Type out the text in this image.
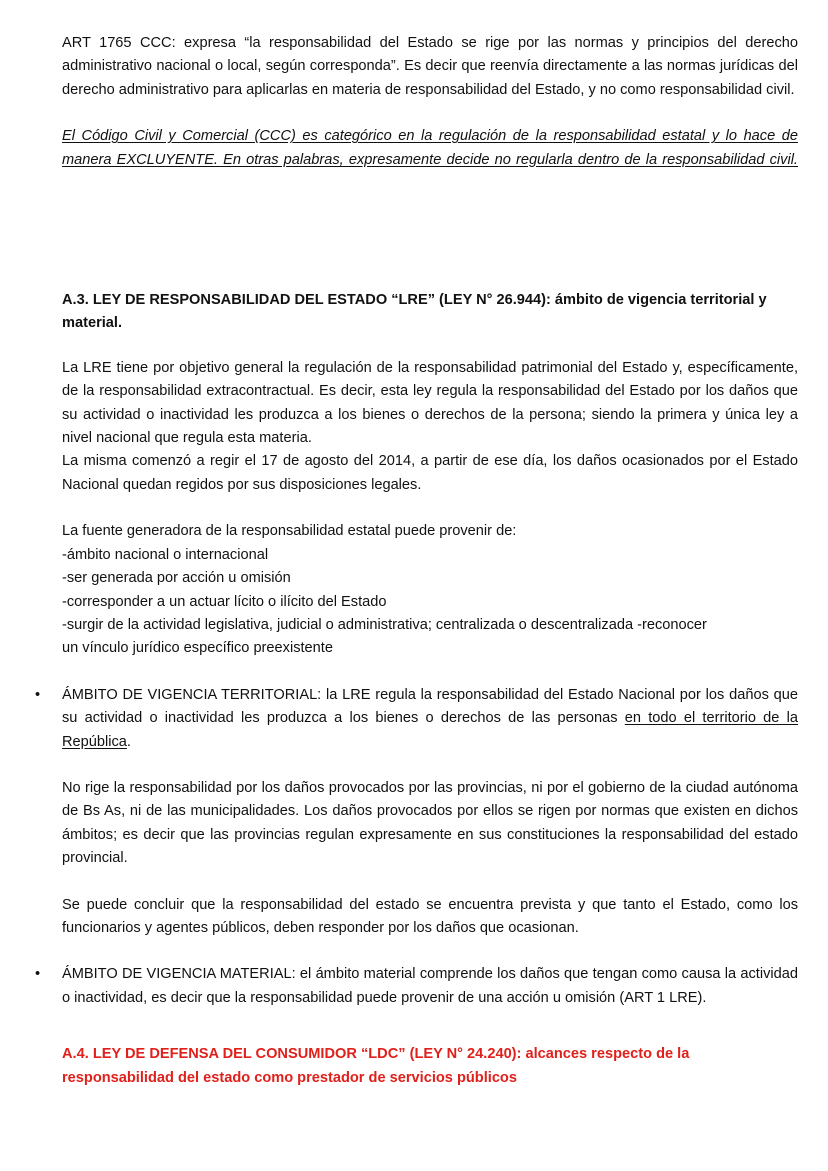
ART 1765 CCC: expresa “la responsabilidad del Estado se rige por las normas y principios del derecho administrativo nacional o local, según corresponda”. Es decir que reenvía directamente a las normas jurídicas del derecho administrativo para aplicarlas en materia de responsabilidad del Estado, y no como responsabilidad civil.

El Código Civil y Comercial (CCC) es categórico en la regulación de la responsabilidad estatal y lo hace de manera EXCLUYENTE. En otras palabras, expresamente decide no regularla dentro de la responsabilidad civil.

A.3. LEY DE RESPONSABILIDAD DEL ESTADO “LRE” (LEY N° 26.944): ámbito de vigencia territorial y material.

La LRE tiene por objetivo general la regulación de la responsabilidad patrimonial del Estado y, específicamente, de la responsabilidad extracontractual. Es decir, esta ley regula la responsabilidad del Estado por los daños que su actividad o inactividad les produzca a los bienes o derechos de la persona; siendo la primera y única ley a nivel nacional que regula esta materia.

La misma comenzó a regir el 17 de agosto del 2014, a partir de ese día, los daños ocasionados por el Estado Nacional quedan regidos por sus disposiciones legales.

La fuente generadora de la responsabilidad estatal puede provenir de:

-ámbito nacional o internacional

-ser generada por acción u omisión

-corresponder a un actuar lícito o ilícito del Estado

-surgir de la actividad legislativa, judicial o administrativa; centralizada o descentralizada -reconocer

un vínculo jurídico específico preexistente

• ÁMBITO DE VIGENCIA TERRITORIAL: la LRE regula la responsabilidad del Estado Nacional por los daños que su actividad o inactividad les produzca a los bienes o derechos de las personas en todo el territorio de la República.

No rige la responsabilidad por los daños provocados por las provincias, ni por el gobierno de la ciudad autónoma de Bs As, ni de las municipalidades. Los daños provocados por ellos se rigen por normas que existen en dichos ámbitos; es decir que las provincias regulan expresamente en sus constituciones la responsabilidad del estado provincial.

Se puede concluir que la responsabilidad del estado se encuentra prevista y que tanto el Estado, como los funcionarios y agentes públicos, deben responder por los daños que ocasionan.

• ÁMBITO DE VIGENCIA MATERIAL: el ámbito material comprende los daños que tengan como causa la actividad o inactividad, es decir que la responsabilidad puede provenir de una acción u omisión (ART 1 LRE).

A.4. LEY DE DEFENSA DEL CONSUMIDOR “LDC” (LEY N° 24.240): alcances respecto de la responsabilidad del estado como prestador de servicios públicos
